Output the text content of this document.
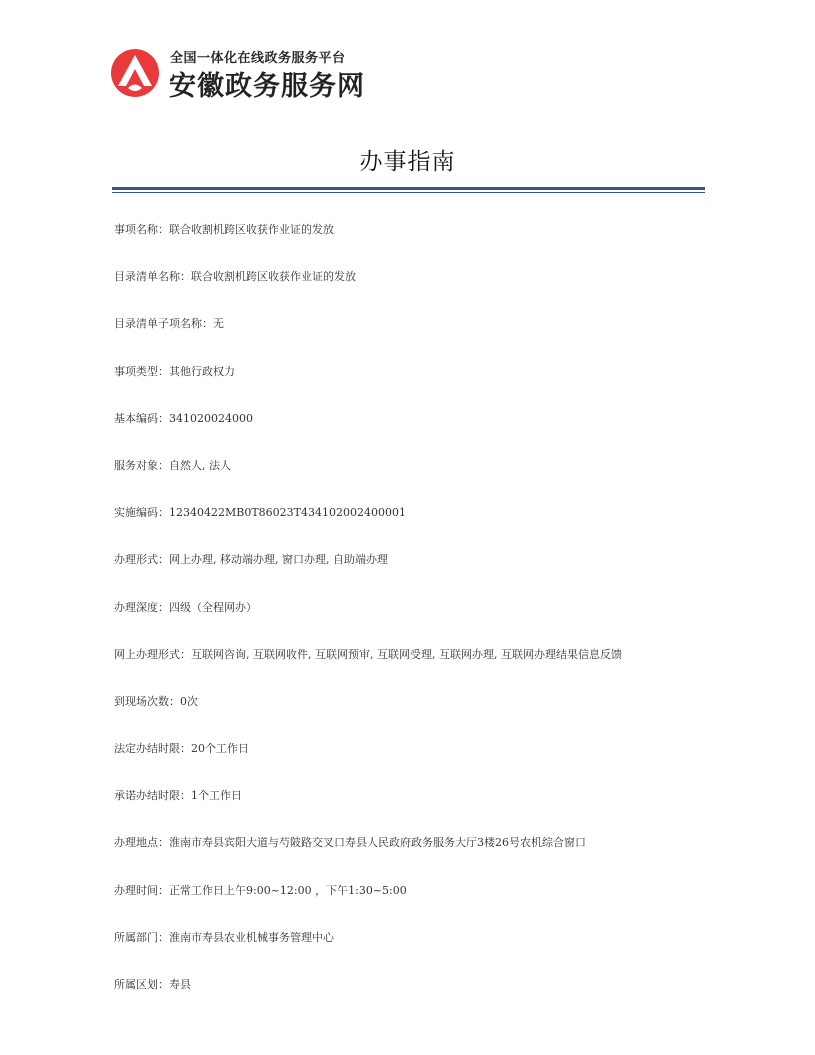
全国一体化在线政务服务平台
安徽政务服务网
办事指南
事项名称：联合收割机跨区收获作业证的发放
目录清单名称：联合收割机跨区收获作业证的发放
目录清单子项名称：无
事项类型：其他行政权力
基本编码：341020024000
服务对象：自然人, 法人
实施编码：12340422MB0T86023T434102002400001
办理形式：网上办理, 移动端办理, 窗口办理, 自助端办理
办理深度：四级（全程网办）
网上办理形式：互联网咨询, 互联网收件, 互联网预审, 互联网受理, 互联网办理, 互联网办理结果信息反馈
到现场次数：0次
法定办结时限：20个工作日
承诺办结时限：1个工作日
办理地点：淮南市寿县宾阳大道与芍陂路交叉口寿县人民政府政务服务大厅3楼26号农机综合窗口
办理时间：正常工作日上午9:00~12:00 ，下午1:30~5:00
所属部门：淮南市寿县农业机械事务管理中心
所属区划：寿县
